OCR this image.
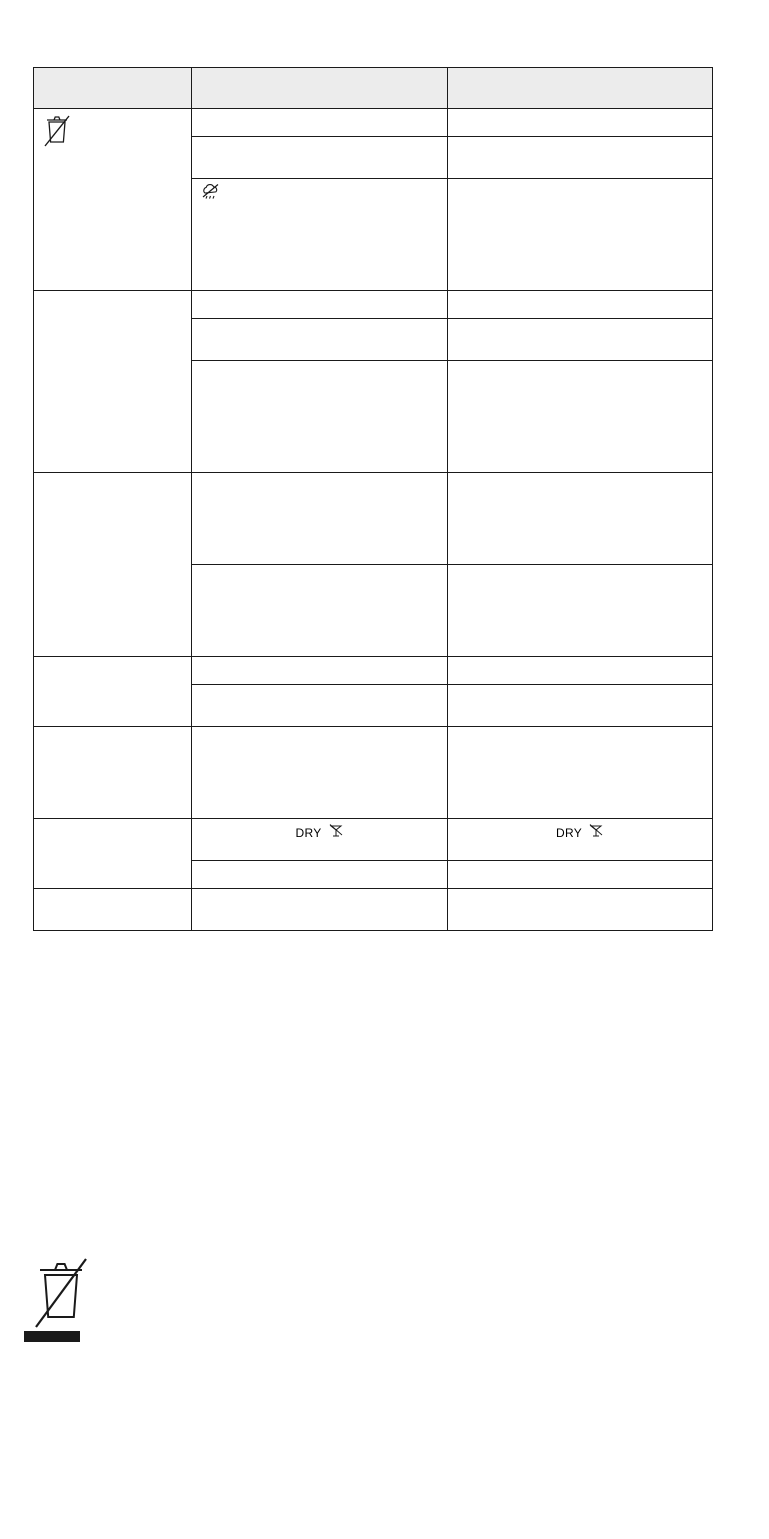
	DRY	DRY
